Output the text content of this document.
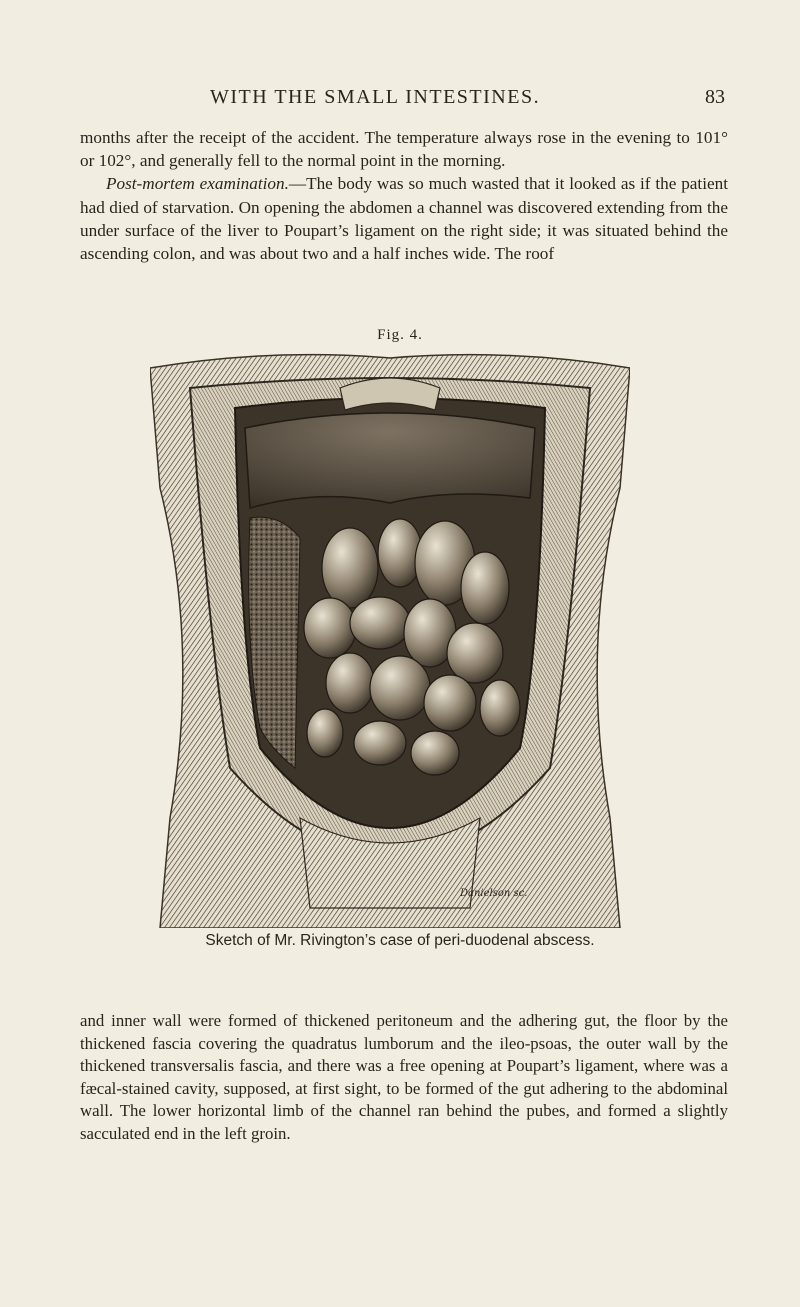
WITH THE SMALL INTESTINES.	83

months after the receipt of the accident. The temperature always rose in the evening to 101° or 102°, and generally fell to the normal point in the morning.

Post-mortem examination.—The body was so much wasted that it looked as if the patient had died of starvation. On opening the abdomen a channel was discovered extending from the under surface of the liver to Poupart’s ligament on the right side; it was situated behind the ascending colon, and was about two and a half inches wide. The roof

Fig. 4.
Danielson sc.
Sketch of Mr. Rivington’s case of peri-duodenal abscess.

and inner wall were formed of thickened peritoneum and the adhering gut, the floor by the thickened fascia covering the quadratus lumborum and the ileo-psoas, the outer wall by the thickened transversalis fascia, and there was a free opening at Poupart’s ligament, where was a fæcal-stained cavity, supposed, at first sight, to be formed of the gut adhering to the abdominal wall. The lower horizontal limb of the channel ran behind the pubes, and formed a slightly sacculated end in the left groin.
